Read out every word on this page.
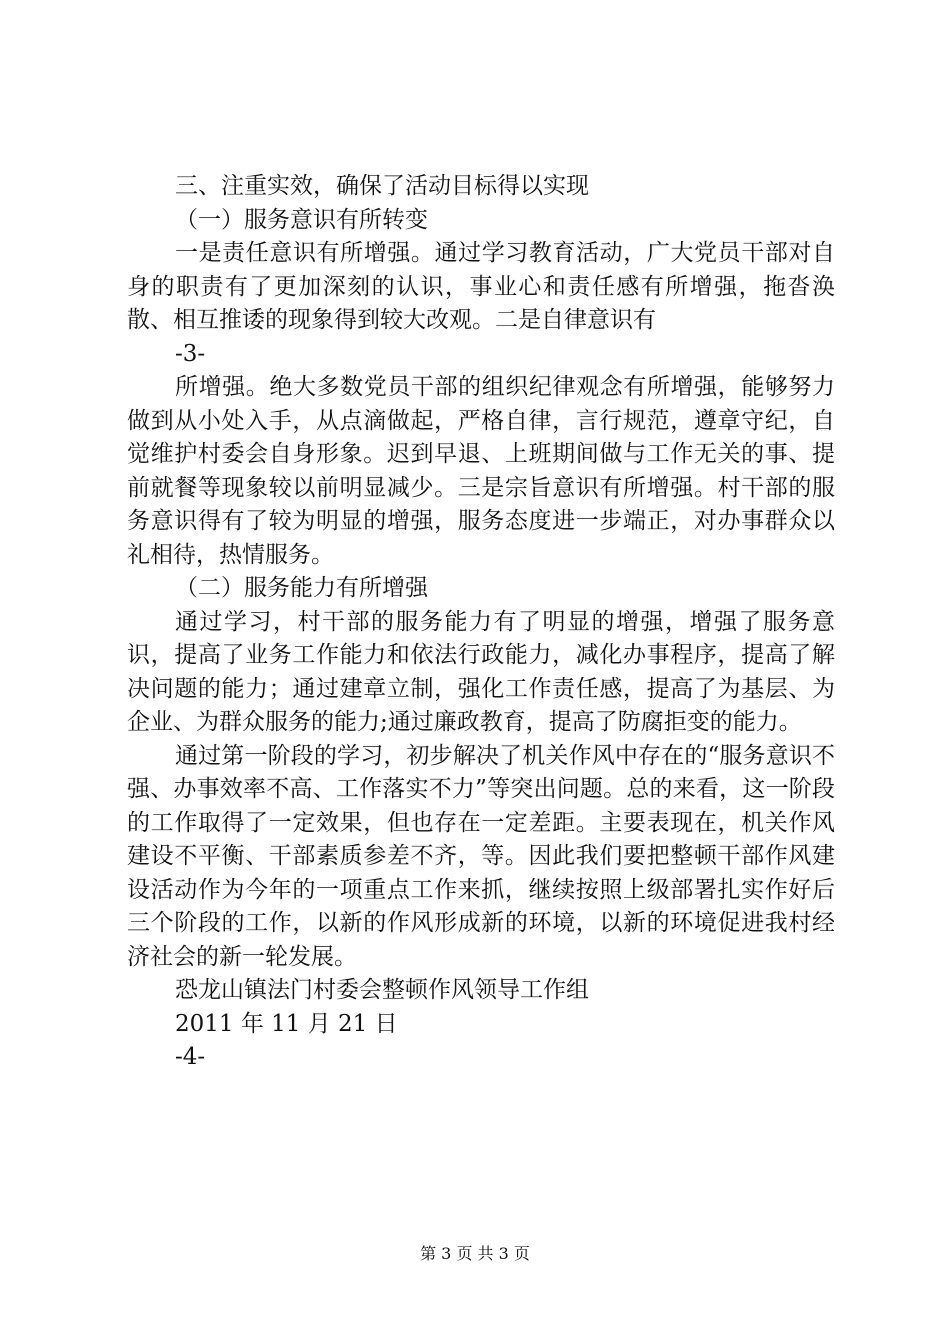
三、注重实效，确保了活动目标得以实现

（一）服务意识有所转变

一是责任意识有所增强。通过学习教育活动，广大党员干部对自身的职责有了更加深刻的认识，事业心和责任感有所增强，拖沓涣散、相互推诿的现象得到较大改观。二是自律意识有

-3-

所增强。绝大多数党员干部的组织纪律观念有所增强，能够努力做到从小处入手，从点滴做起，严格自律，言行规范，遵章守纪，自觉维护村委会自身形象。迟到早退、上班期间做与工作无关的事、提前就餐等现象较以前明显减少。三是宗旨意识有所增强。村干部的服务意识得有了较为明显的增强，服务态度进一步端正，对办事群众以礼相待，热情服务。

（二）服务能力有所增强

通过学习，村干部的服务能力有了明显的增强，增强了服务意识，提高了业务工作能力和依法行政能力，减化办事程序，提高了解决问题的能力；通过建章立制，强化工作责任感，提高了为基层、为企业、为群众服务的能力;通过廉政教育，提高了防腐拒变的能力。

通过第一阶段的学习，初步解决了机关作风中存在的“服务意识不强、办事效率不高、工作落实不力”等突出问题。总的来看，这一阶段的工作取得了一定效果，但也存在一定差距。主要表现在，机关作风建设不平衡、干部素质参差不齐，等。因此我们要把整顿干部作风建设活动作为今年的一项重点工作来抓，继续按照上级部署扎实作好后三个阶段的工作，以新的作风形成新的环境，以新的环境促进我村经济社会的新一轮发展。

恐龙山镇法门村委会整顿作风领导工作组

2011 年 11 月 21 日

-4-

第 3 页 共 3 页
